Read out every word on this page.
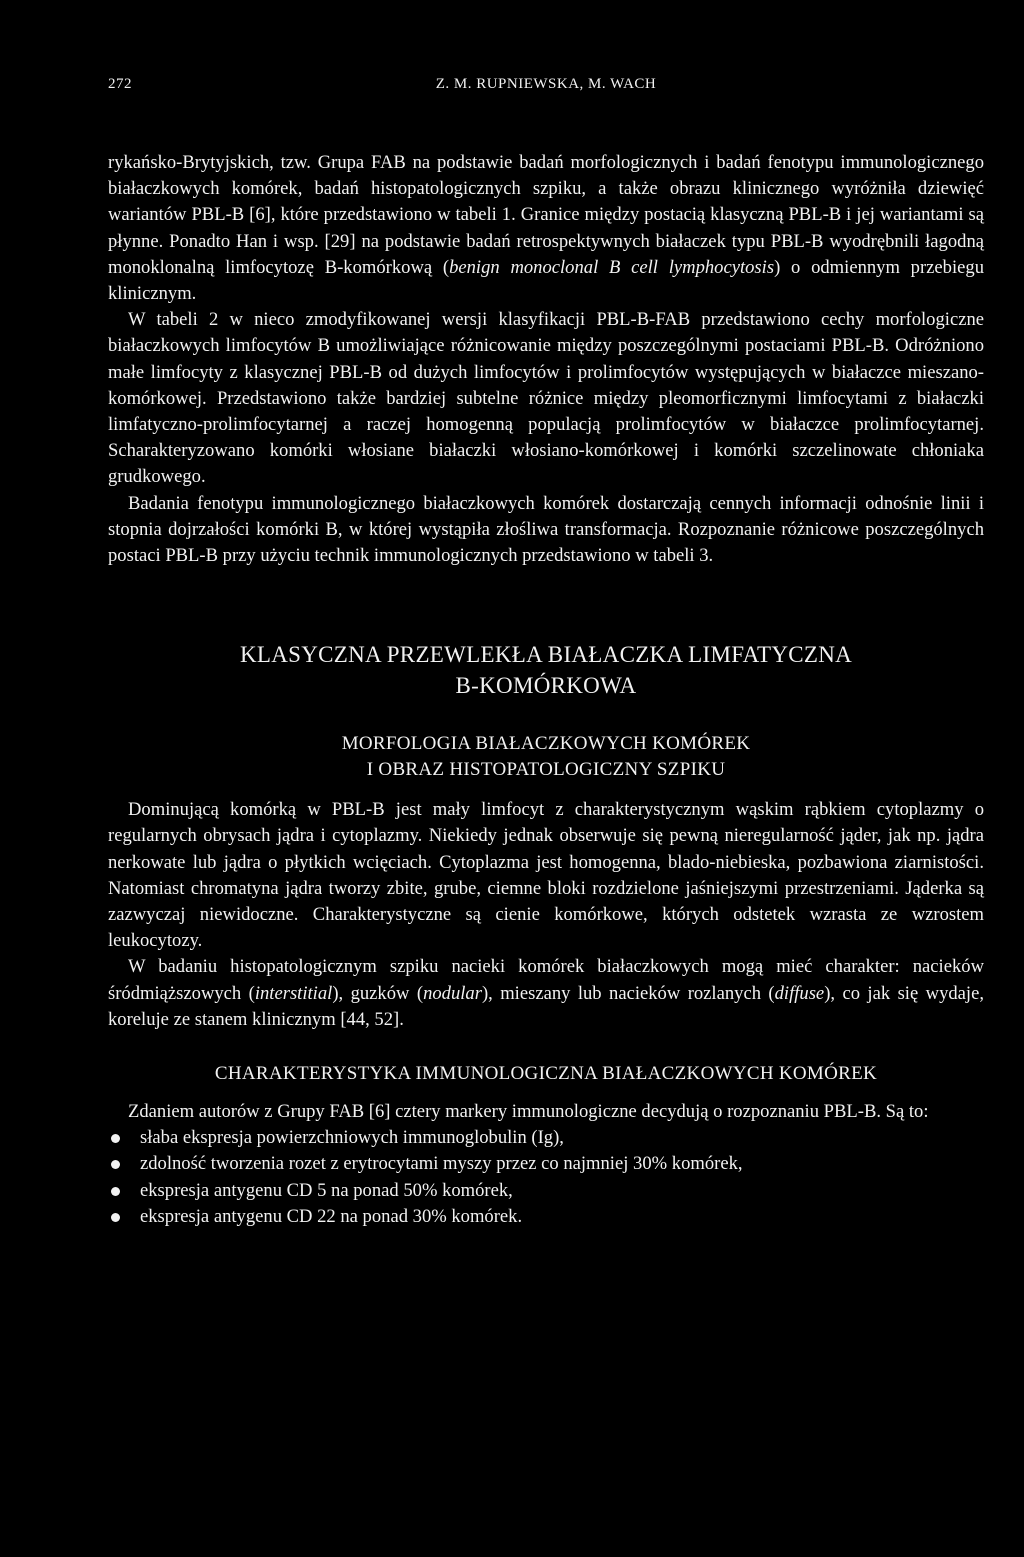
272	Z. M. RUPNIEWSKA, M. WACH

rykańsko-Brytyjskich, tzw. Grupa FAB na podstawie badań morfologicznych i badań fenotypu immunologicznego białaczkowych komórek, badań histopatologicznych szpiku, a także obrazu klinicznego wyróżniła dziewięć wariantów PBL-B [6], które przedstawiono w tabeli 1. Granice między postacią klasyczną PBL-B i jej wariantami są płynne. Ponadto Han i wsp. [29] na podstawie badań retrospektywnych białaczek typu PBL-B wyodrębnili łagodną monoklonalną limfocytozę B-komórkową (benign monoclonal B cell lymphocytosis) o odmiennym przebiegu klinicznym.

W tabeli 2 w nieco zmodyfikowanej wersji klasyfikacji PBL-B-FAB przedstawiono cechy morfologiczne białaczkowych limfocytów B umożliwiające różnicowanie między poszczególnymi postaciami PBL-B. Odróżniono małe limfocyty z klasycznej PBL-B od dużych limfocytów i prolimfocytów występujących w białaczce mieszano-komórkowej. Przedstawiono także bardziej subtelne różnice między pleomorficznymi limfocytami z białaczki limfatyczno-prolimfocytarnej a raczej homogenną populacją prolimfocytów w białaczce prolimfocytarnej. Scharakteryzowano komórki włosiane białaczki włosiano-komórkowej i komórki szczelinowate chłoniaka grudkowego.

Badania fenotypu immunologicznego białaczkowych komórek dostarczają cennych informacji odnośnie linii i stopnia dojrzałości komórki B, w której wystąpiła złośliwa transformacja. Rozpoznanie różnicowe poszczególnych postaci PBL-B przy użyciu technik immunologicznych przedstawiono w tabeli 3.

KLASYCZNA PRZEWLEKŁA BIAŁACZKA LIMFATYCZNA
B-KOMÓRKOWA
MORFOLOGIA BIAŁACZKOWYCH KOMÓREK
I OBRAZ HISTOPATOLOGICZNY SZPIKU

Dominującą komórką w PBL-B jest mały limfocyt z charakterystycznym wąskim rąbkiem cytoplazmy o regularnych obrysach jądra i cytoplazmy. Niekiedy jednak obserwuje się pewną nieregularność jąder, jak np. jądra nerkowate lub jądra o płytkich wcięciach. Cytoplazma jest homogenna, blado-niebieska, pozbawiona ziarnistości. Natomiast chromatyna jądra tworzy zbite, grube, ciemne bloki rozdzielone jaśniejszymi przestrzeniami. Jąderka są zazwyczaj niewidoczne. Charakterystyczne są cienie komórkowe, których odstetek wzrasta ze wzrostem leukocytozy.

W badaniu histopatologicznym szpiku nacieki komórek białaczkowych mogą mieć charakter: nacieków śródmiąższowych (interstitial), guzków (nodular), mieszany lub nacieków rozlanych (diffuse), co jak się wydaje, koreluje ze stanem klinicznym [44, 52].

CHARAKTERYSTYKA IMMUNOLOGICZNA BIAŁACZKOWYCH KOMÓREK

Zdaniem autorów z Grupy FAB [6] cztery markery immunologiczne decydują o rozpoznaniu PBL-B. Są to:

słaba ekspresja powierzchniowych immunoglobulin (Ig),
zdolność tworzenia rozet z erytrocytami myszy przez co najmniej 30% komórek,
ekspresja antygenu CD 5 na ponad 50% komórek,
ekspresja antygenu CD 22 na ponad 30% komórek.
